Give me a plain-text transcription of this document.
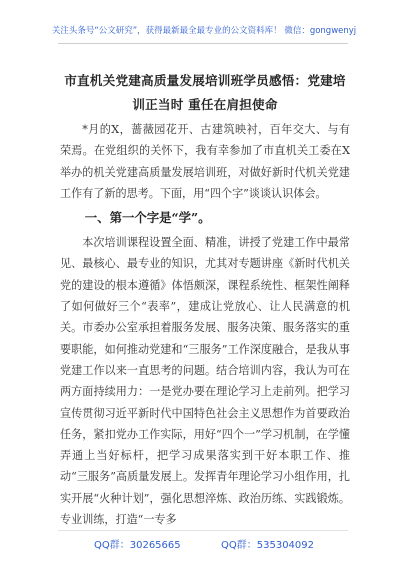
关注头条号“公文研究”，获得最新最全最专业的公文资料库！ 微信：gongwenyj
市直机关党建高质量发展培训班学员感悟：党建培训正当时 重任在肩担使命

*月的X，蔷薇园花开、古建筑映衬，百年交大、与有荣焉。在党组织的关怀下，我有幸参加了市直机关工委在X举办的机关党建高质量发展培训班，对做好新时代机关党建工作有了新的思考。下面，用“四个字”谈谈认识体会。

一、第一个字是“学”。

本次培训课程设置全面、精准，讲授了党建工作中最常见、最核心、最专业的知识，尤其对专题讲座《新时代机关党的建设的根本遵循》体悟颇深，课程系统性、框架性阐释了如何做好三个“表率”，建成让党放心、让人民满意的机关。市委办公室承担着服务发展、服务决策、服务落实的重要职能，如何推动党建和“三服务”工作深度融合，是我从事党建工作以来一直思考的问题。结合培训内容，我认为可在两方面持续用力：一是党办要在理论学习上走前列。把学习宣传贯彻习近平新时代中国特色社会主义思想作为首要政治任务，紧扣党办工作实际，用好“四个一”学习机制，在学懂弄通上当好标杆，把学习成果落实到干好本职工作、推动“三服务”高质量发展上。发挥青年理论学习小组作用，扎实开展“火种计划”，强化思想淬炼、政治历练、实践锻炼。专业训练，打造“一专多

QQ群：30265665	QQ群：535304092
